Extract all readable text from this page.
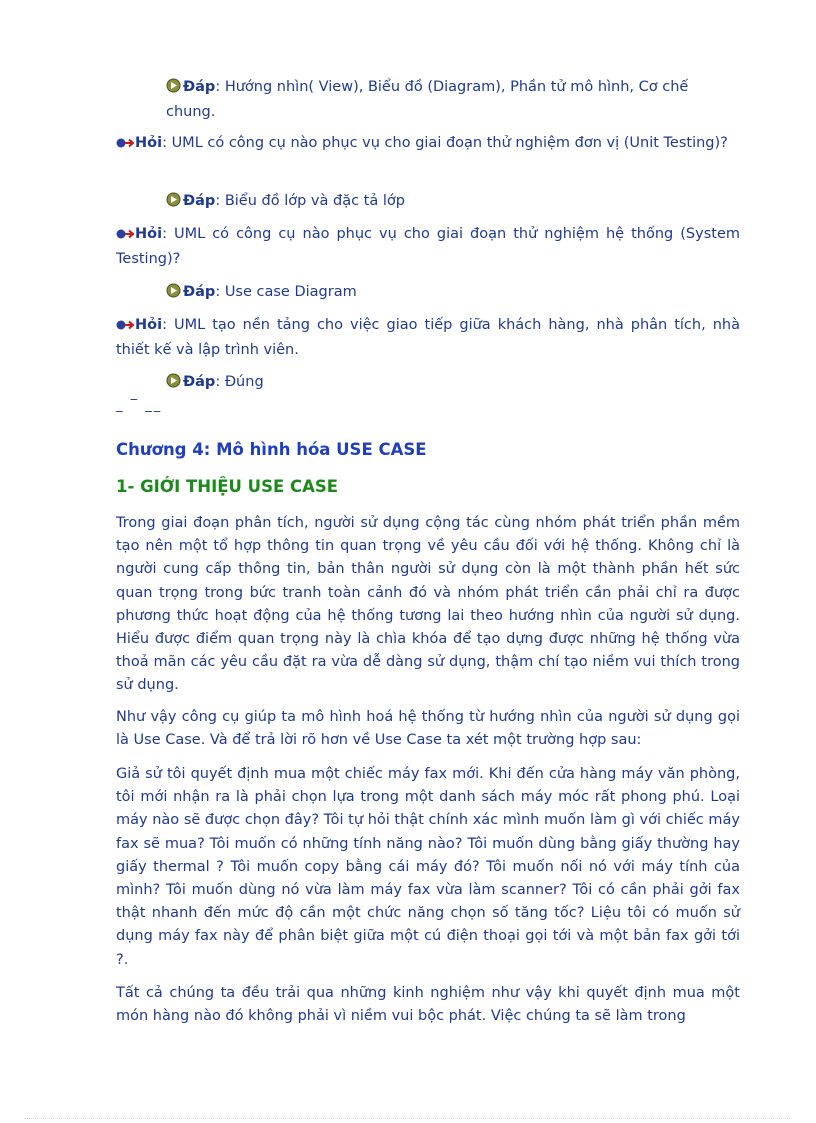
Đáp: Hướng nhìn( View), Biểu đồ (Diagram), Phần tử mô hình, Cơ chế chung.
Hỏi: UML có công cụ nào phục vụ cho giai đoạn thử nghiệm đơn vị (Unit Testing)?
Đáp: Biểu đồ lớp và đặc tả lớp
Hỏi: UML có công cụ nào phục vụ cho giai đoạn thử nghiệm hệ thống (System Testing)?
Đáp: Use case Diagram
Hỏi: UML tạo nền tảng cho việc giao tiếp giữa khách hàng, nhà phân tích, nhà thiết kế và lập trình viên.
Đáp: Đúng
_ ‾ __
Chương 4: Mô hình hóa USE CASE
1- GIỚI THIỆU USE CASE
Trong giai đoạn phân tích, người sử dụng cộng tác cùng nhóm phát triển phần mềm tạo nên một tổ hợp thông tin quan trọng về yêu cầu đối với hệ thống. Không chỉ là người cung cấp thông tin, bản thân người sử dụng còn là một thành phần hết sức quan trọng trong bức tranh toàn cảnh đó và nhóm phát triển cần phải chỉ ra được phương thức hoạt động của hệ thống tương lai theo hướng nhìn của người sử dụng. Hiểu được điểm quan trọng này là chìa khóa để tạo dựng được những hệ thống vừa thoả mãn các yêu cầu đặt ra vừa dễ dàng sử dụng, thậm chí tạo niềm vui thích trong sử dụng.
Như vậy công cụ giúp ta mô hình hoá hệ thống từ hướng nhìn của người sử dụng gọi là Use Case. Và để trả lời rõ hơn về Use Case ta xét một trường hợp sau:
Giả sử tôi quyết định mua một chiếc máy fax mới. Khi đến cửa hàng máy văn phòng, tôi mới nhận ra là phải chọn lựa trong một danh sách máy móc rất phong phú. Loại máy nào sẽ được chọn đây? Tôi tự hỏi thật chính xác mình muốn làm gì với chiếc máy fax sẽ mua? Tôi muốn có những tính năng nào? Tôi muốn dùng bằng giấy thường hay giấy thermal ? Tôi muốn copy bằng cái máy đó? Tôi muốn nối nó với máy tính của mình? Tôi muốn dùng nó vừa làm máy fax vừa làm scanner? Tôi có cần phải gởi fax thật nhanh đến mức độ cần một chức năng chọn số tăng tốc? Liệu tôi có muốn sử dụng máy fax này để phân biệt giữa một cú điện thoại gọi tới và một bản fax gởi tới ?.
Tất cả chúng ta đều trải qua những kinh nghiệm như vậy khi quyết định mua một món hàng nào đó không phải vì niềm vui bộc phát. Việc chúng ta sẽ làm trong
